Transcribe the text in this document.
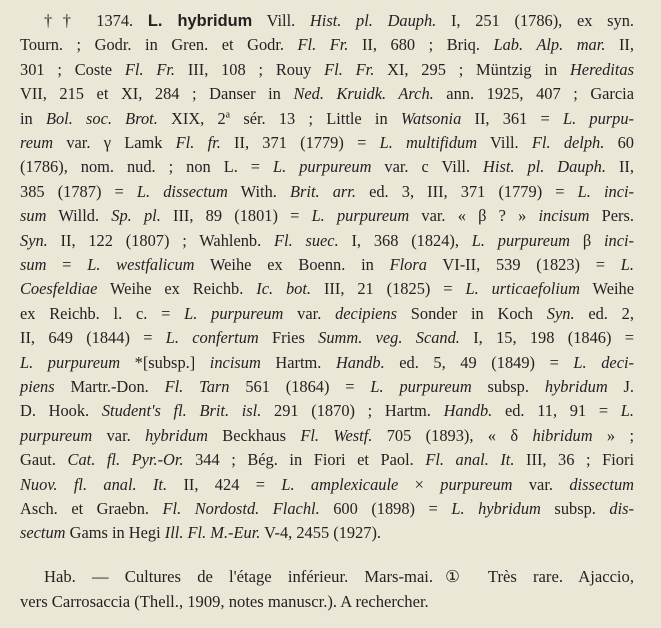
†† 1374. L. hybridum Vill. Hist. pl. Dauph. I, 251 (1786), ex syn.
Tourn. ; Godr. in Gren. et Godr. Fl. Fr. II, 680 ; Briq. Lab. Alp. mar. II,
301 ; Coste Fl. Fr. III, 108 ; Rouy Fl. Fr. XI, 295 ; Müntzig in Hereditas
VII, 215 et XI, 284 ; Danser in Ned. Kruidk. Arch. ann. 1925, 407 ; Garcia
in Bol. soc. Brot. XIX, 2$^a$ sér. 13 ; Little in Watsonia II, 361 = L. purpu-
reum var. γ Lamk Fl. fr. II, 371 (1779) = L. multifidum Vill. Fl. delph. 60
(1786), nom. nud. ; non L. = L. purpureum var. c Vill. Hist. pl. Dauph. II,
385 (1787) = L. dissectum With. Brit. arr. ed. 3, III, 371 (1779) = L. inci-
sum Willd. Sp. pl. III, 89 (1801) = L. purpureum var. « β ? » incisum Pers.
Syn. II, 122 (1807) ; Wahlenb. Fl. suec. I, 368 (1824), L. purpureum β inci-
sum = L. westfalicum Weihe ex Boenn. in Flora VI-II, 539 (1823) = L.
Coesfeldiae Weihe ex Reichb. Ic. bot. III, 21 (1825) = L. urticaefolium Weihe
ex Reichb. l. c. = L. purpureum var. decipiens Sonder in Koch Syn. ed. 2,
II, 649 (1844) = L. confertum Fries Summ. veg. Scand. I, 15, 198 (1846) =
L. purpureum *[subsp.] incisum Hartm. Handb. ed. 5, 49 (1849) = L. deci-
piens Martr.-Don. Fl. Tarn 561 (1864) = L. purpureum subsp. hybridum J.
D. Hook. Student's fl. Brit. isl. 291 (1870) ; Hartm. Handb. ed. 11, 91 = L.
purpureum var. hybridum Beckhaus Fl. Westf. 705 (1893), « δ hibridum » ;
Gaut. Cat. fl. Pyr.-Or. 344 ; Bég. in Fiori et Paol. Fl. anal. It. III, 36 ; Fiori
Nuov. fl. anal. It. II, 424 = L. amplexicaule × purpureum var. dissectum
Asch. et Graebn. Fl. Nordostd. Flachl. 600 (1898) = L. hybridum subsp. dis-
sectum Gams in Hegi Ill. Fl. M.-Eur. V-4, 2455 (1927).
Hab. — Cultures de l'étage inférieur. Mars-mai.① Très rare. Ajaccio,
vers Carrosaccia (Thell., 1909, notes manuscr.). A rechercher.
